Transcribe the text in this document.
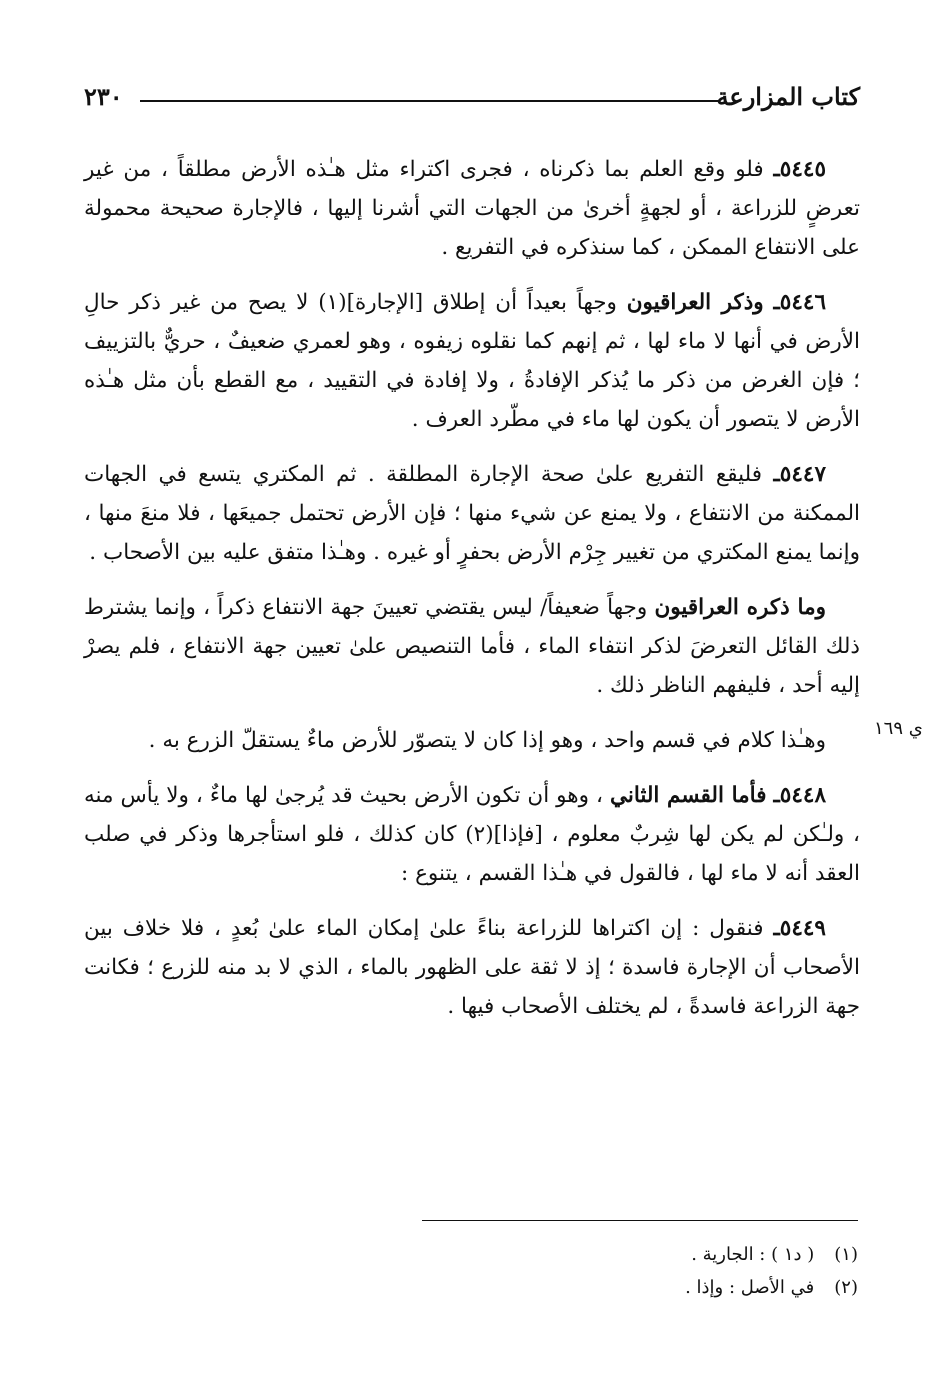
كتاب المزارعة
٢٣٠

٥٤٤٥ـ فلو وقع العلم بما ذكرناه ، فجرى اكتراء مثل هـٰذه الأرض مطلقاً ، من غير تعرضٍ للزراعة ، أو لجهةٍ أخرىٰ من الجهات التي أشرنا إليها ، فالإجارة صحيحة محمولة على الانتفاع الممكن ، كما سنذكره في التفريع .

٥٤٤٦ـ وذكر العراقيون وجهاً بعيداً أن إطلاق [الإجارة](١) لا يصح من غير ذكر حالِ الأرض في أنها لا ماء لها ، ثم إنهم كما نقلوه زيفوه ، وهو لعمري ضعيفٌ ، حريٌّ بالتزييف ؛ فإن الغرض من ذكر ما يُذكر الإفادةُ ، ولا إفادة في التقييد ، مع القطع بأن مثل هـٰذه الأرض لا يتصور أن يكون لها ماء في مطّرد العرف .

٥٤٤٧ـ فليقع التفريع علىٰ صحة الإجارة المطلقة . ثم المكتري يتسع في الجهات الممكنة من الانتفاع ، ولا يمنع عن شيء منها ؛ فإن الأرض تحتمل جميعَها ، فلا منعَ منها ، وإنما يمنع المكتري من تغيير جِرْم الأرض بحفرٍ أو غيره . وهـٰذا متفق عليه بين الأصحاب .

وما ذكره العراقيون وجهاً ضعيفاً/ ليس يقتضي تعيينَ جهة الانتفاع ذكراً ، وإنما يشترط ذلك القائل التعرضَ لذكر انتفاء الماء ، فأما التنصيص علىٰ تعيين جهة الانتفاع ، فلم يصرْ إليه أحد ، فليفهم الناظر ذلك .

وهـٰذا كلام في قسم واحد ، وهو إذا كان لا يتصوّر للأرض ماءٌ يستقلّ الزرع به .

٥٤٤٨ـ فأما القسم الثاني ، وهو أن تكون الأرض بحيث قد يُرجىٰ لها ماءٌ ، ولا يأس منه ، ولـٰكن لم يكن لها شِربٌ معلوم ، [فإذا](٢) كان كذلك ، فلو استأجرها وذكر في صلب العقد أنه لا ماء لها ، فالقول في هـٰذا القسم ، يتنوع :

٥٤٤٩ـ فنقول : إن اكتراها للزراعة بناءً علىٰ إمكان الماء علىٰ بُعدٍ ، فلا خلاف بين الأصحاب أن الإجارة فاسدة ؛ إذ لا ثقة على الظهور بالماء ، الذي لا بد منه للزرع ؛ فكانت جهة الزراعة فاسدةً ، لم يختلف الأصحاب فيها .

ي ١٦٩
(١) ( د١ ) : الجارية .
(٢) في الأصل : وإذا .
